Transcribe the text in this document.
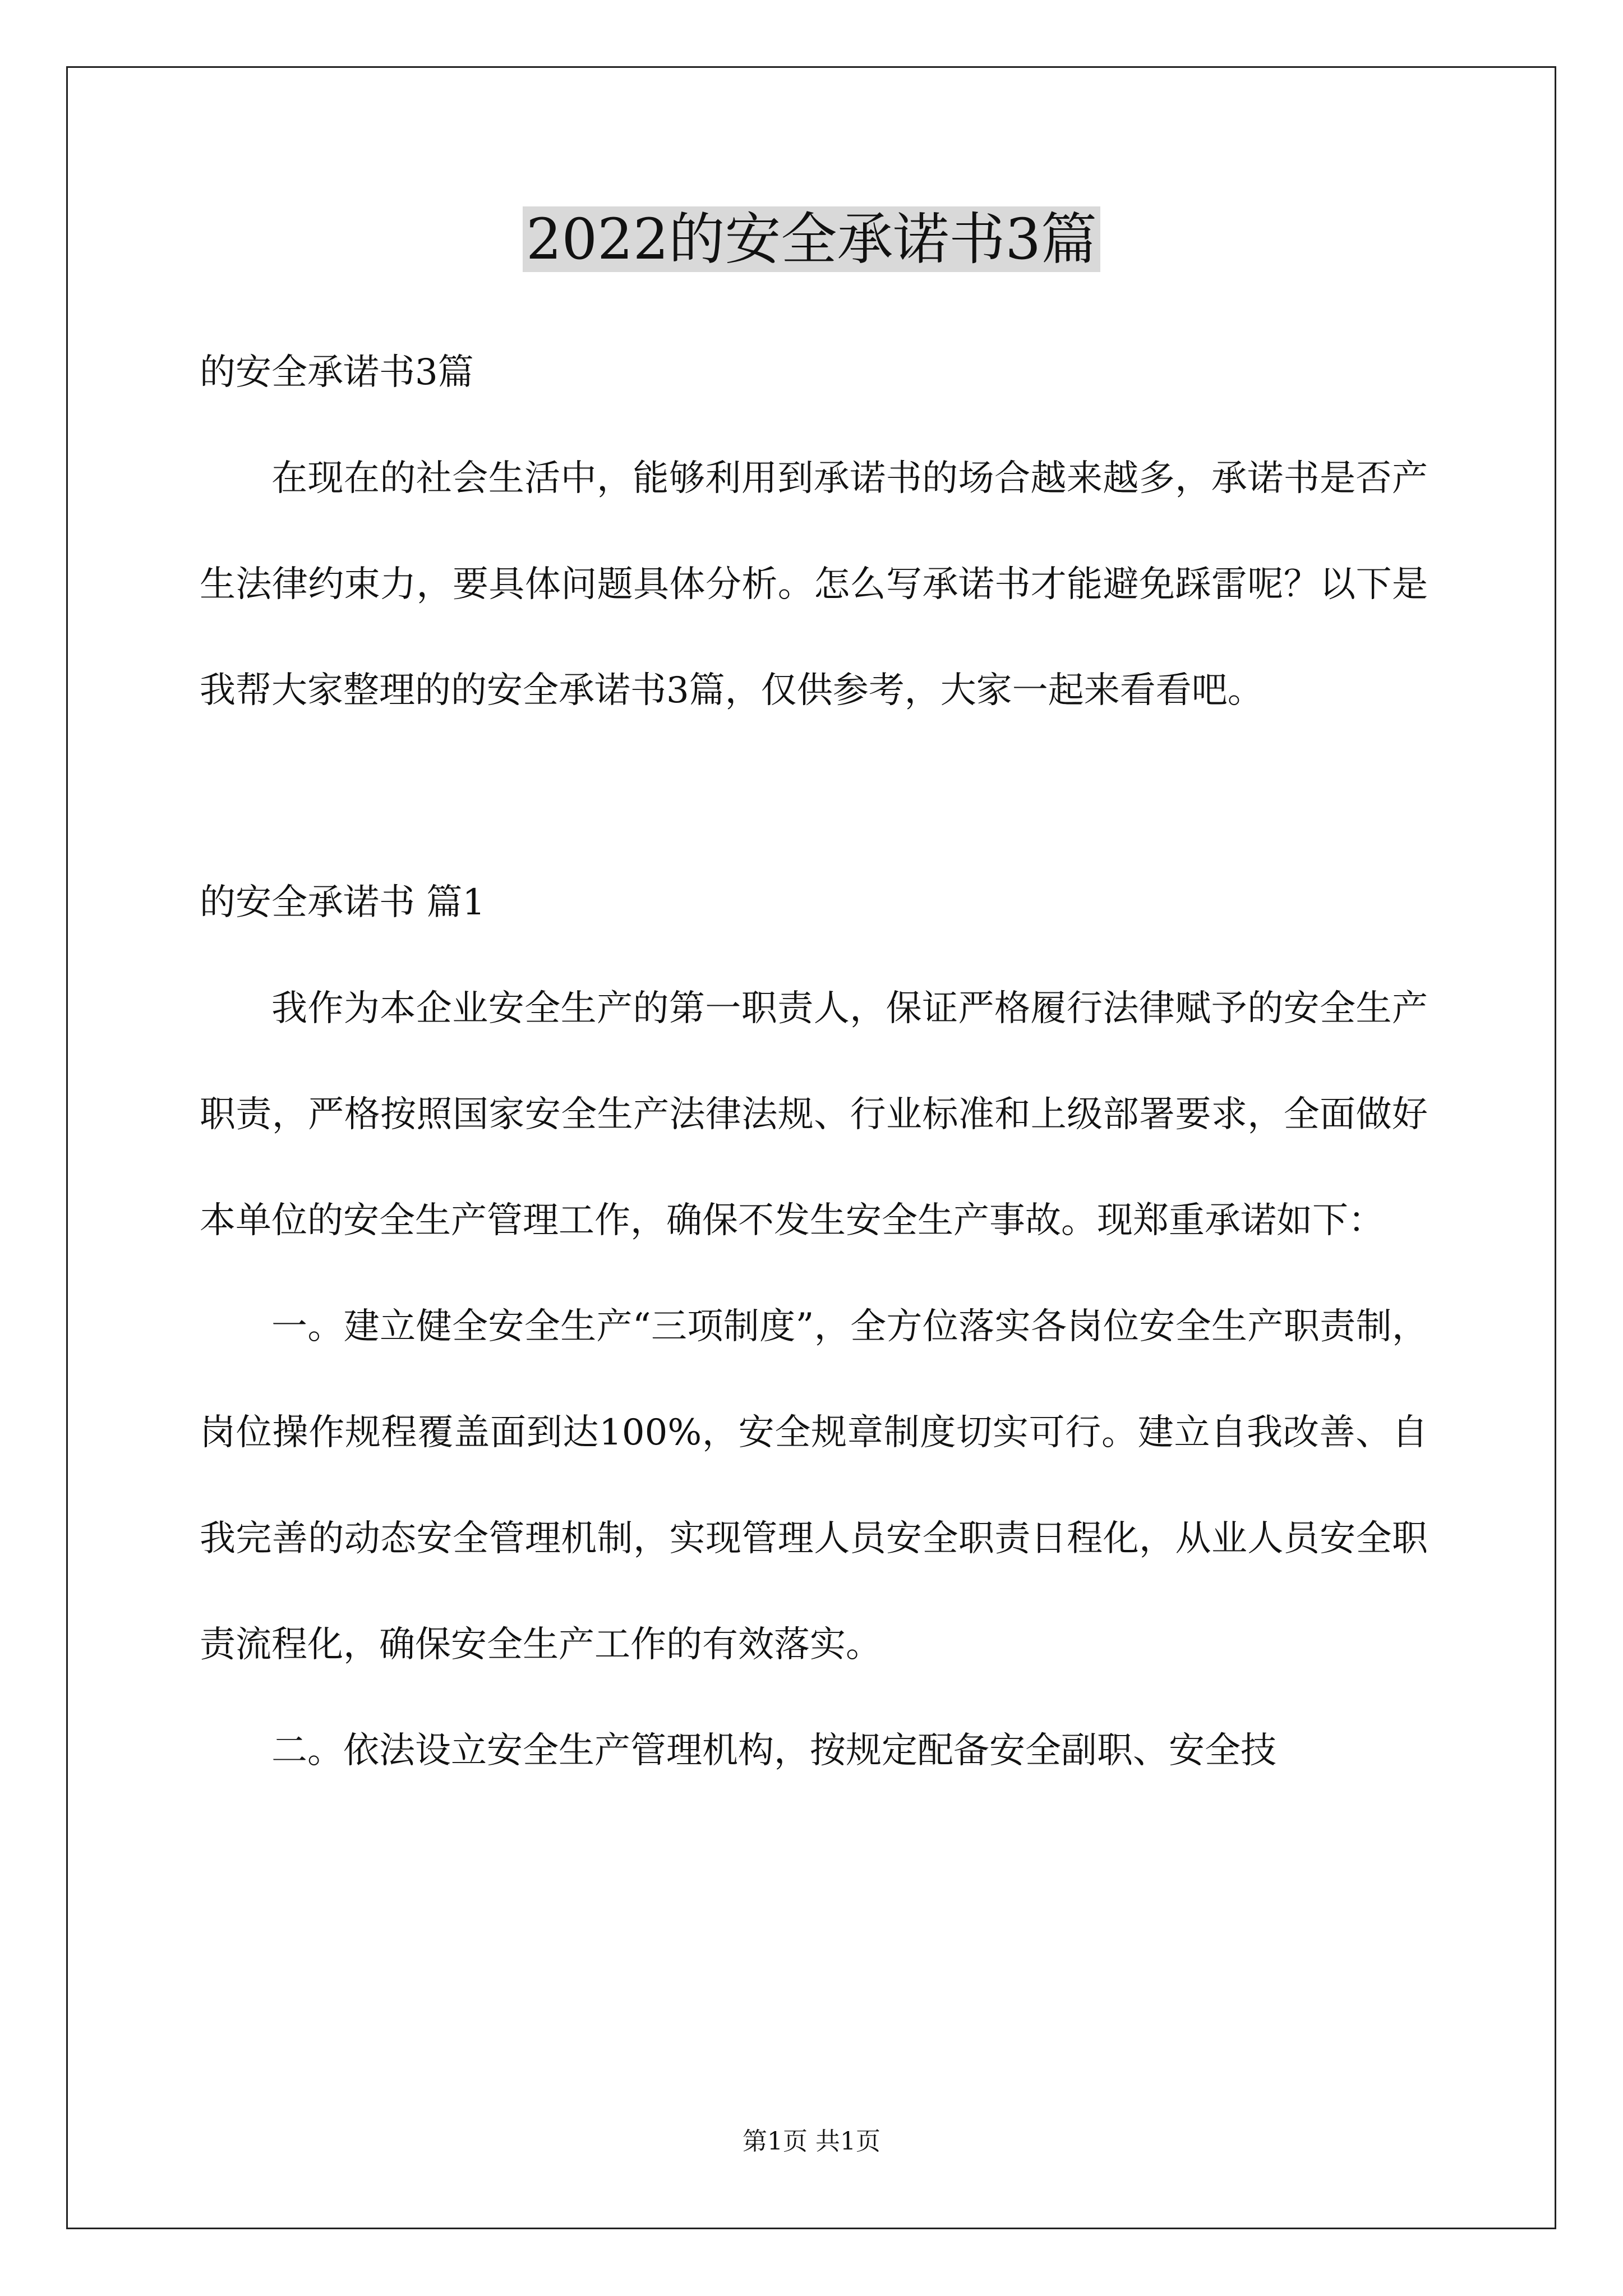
2022的安全承诺书3篇

的安全承诺书3篇

在现在的社会生活中，能够利用到承诺书的场合越来越多，承诺书是否产生法律约束力，要具体问题具体分析。怎么写承诺书才能避免踩雷呢？以下是我帮大家整理的的安全承诺书3篇，仅供参考，大家一起来看看吧。

的安全承诺书 篇1

我作为本企业安全生产的第一职责人，保证严格履行法律赋予的安全生产职责，严格按照国家安全生产法律法规、行业标准和上级部署要求，全面做好本单位的安全生产管理工作，确保不发生安全生产事故。现郑重承诺如下：

一。建立健全安全生产“三项制度”，全方位落实各岗位安全生产职责制，岗位操作规程覆盖面到达100%，安全规章制度切实可行。建立自我改善、自我完善的动态安全管理机制，实现管理人员安全职责日程化，从业人员安全职责流程化，确保安全生产工作的有效落实。

二。依法设立安全生产管理机构，按规定配备安全副职、安全技

第1页 共1页
